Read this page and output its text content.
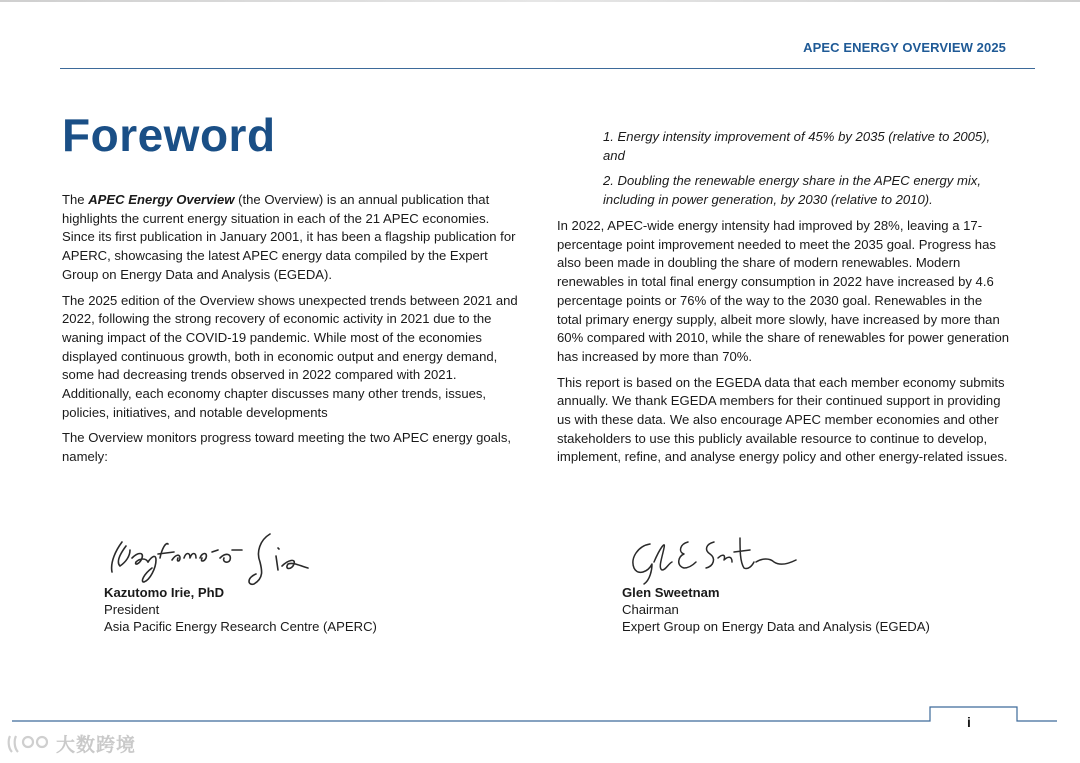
APEC ENERGY OVERVIEW 2025
Foreword

The APEC Energy Overview (the Overview) is an annual publication that highlights the current energy situation in each of the 21 APEC economies. Since its first publication in January 2001, it has been a flagship publication for APERC, showcasing the latest APEC energy data compiled by the Expert Group on Energy Data and Analysis (EGEDA).

The 2025 edition of the Overview shows unexpected trends between 2021 and 2022, following the strong recovery of economic activity in 2021 due to the waning impact of the COVID-19 pandemic. While most of the economies displayed continuous growth, both in economic output and energy demand, some had decreasing trends observed in 2022 compared with 2021. Additionally, each economy chapter discusses many other trends, issues, policies, initiatives, and notable developments

The Overview monitors progress toward meeting the two APEC energy goals, namely:

1. Energy intensity improvement of 45% by 2035 (relative to 2005), and

2. Doubling the renewable energy share in the APEC energy mix, including in power generation, by 2030 (relative to 2010).

In 2022, APEC-wide energy intensity had improved by 28%, leaving a 17-percentage point improvement needed to meet the 2035 goal. Progress has also been made in doubling the share of modern renewables. Modern renewables in total final energy consumption in 2022 have increased by 4.6 percentage points or 76% of the way to the 2030 goal. Renewables in the total primary energy supply, albeit more slowly, have increased by more than 60% compared with 2010, while the share of renewables for power generation has increased by more than 70%.

This report is based on the EGEDA data that each member economy submits annually. We thank EGEDA members for their continued support in providing us with these data. We also encourage APEC member economies and other stakeholders to use this publicly available resource to continue to develop, implement, refine, and analyse energy policy and other energy-related issues.

Kazutomo Irie, PhD
President
Asia Pacific Energy Research Centre (APERC)
Glen Sweetnam
Chairman
Expert Group on Energy Data and Analysis (EGEDA)
i
大数跨境
